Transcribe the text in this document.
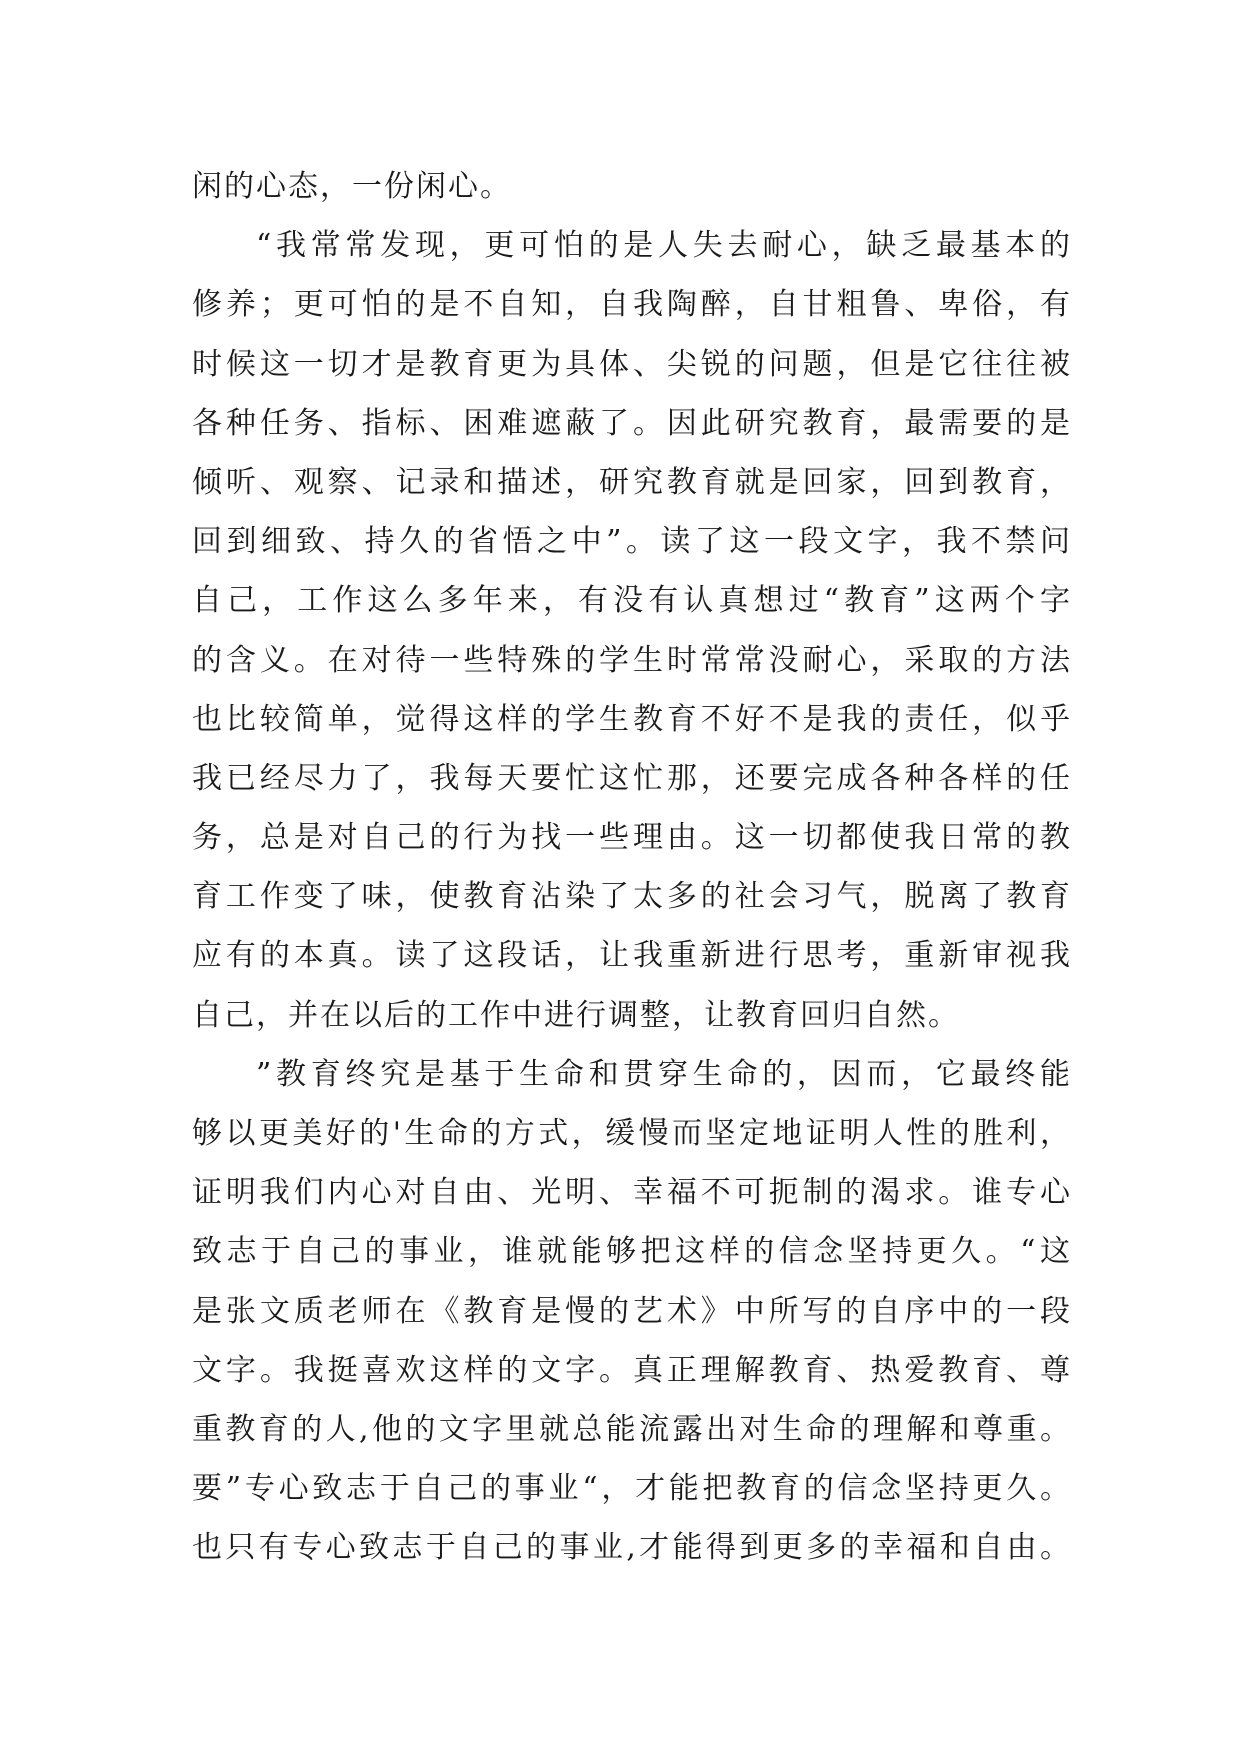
闲的心态，一份闲心。
“我常常发现，更可怕的是人失去耐心，缺乏最基本的
修养；更可怕的是不自知，自我陶醉，自甘粗鲁、卑俗，有
时候这一切才是教育更为具体、尖锐的问题，但是它往往被
各种任务、指标、困难遮蔽了。因此研究教育，最需要的是
倾听、观察、记录和描述，研究教育就是回家，回到教育，
回到细致、持久的省悟之中”。读了这一段文字，我不禁问
自己，工作这么多年来，有没有认真想过“教育”这两个字
的含义。在对待一些特殊的学生时常常没耐心，采取的方法
也比较简单，觉得这样的学生教育不好不是我的责任，似乎
我已经尽力了，我每天要忙这忙那，还要完成各种各样的任
务，总是对自己的行为找一些理由。这一切都使我日常的教
育工作变了味，使教育沾染了太多的社会习气，脱离了教育
应有的本真。读了这段话，让我重新进行思考，重新审视我
自己，并在以后的工作中进行调整，让教育回归自然。
”教育终究是基于生命和贯穿生命的，因而，它最终能
够以更美好的'生命的方式，缓慢而坚定地证明人性的胜利，
证明我们内心对自由、光明、幸福不可扼制的渴求。谁专心
致志于自己的事业，谁就能够把这样的信念坚持更久。“这
是张文质老师在《教育是慢的艺术》中所写的自序中的一段
文字。我挺喜欢这样的文字。真正理解教育、热爱教育、尊
重教育的人,他的文字里就总能流露出对生命的理解和尊重。
要”专心致志于自己的事业“，才能把教育的信念坚持更久。
也只有专心致志于自己的事业,才能得到更多的幸福和自由。
